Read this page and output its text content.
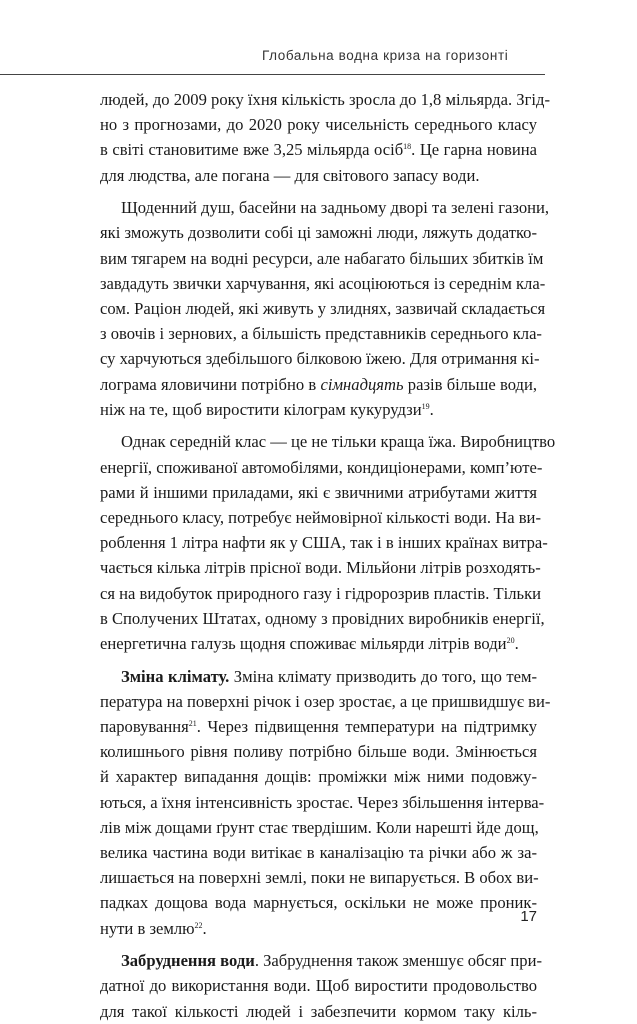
Глобальна водна криза на горизонті
людей, до 2009 року їхня кількість зросла до 1,8 мільярда. Згід-
но з прогнозами, до 2020 року чисельність середнього класу
в світі становитиме вже 3,25 мільярда осіб$^{18}$. Це гарна новина
для людства, але погана — для світового запасу води.
Щоденний душ, басейни на задньому дворі та зелені газони,
які зможуть дозволити собі ці заможні люди, ляжуть додатко-
вим тягарем на водні ресурси, але набагато більших збитків їм
завдадуть звички харчування, які асоціюються із середнім кла-
сом. Раціон людей, які живуть у злиднях, зазвичай складається
з овочів і зернових, а більшість представників середнього кла-
су харчуються здебільшого білковою їжею. Для отримання кі-
лограма яловичини потрібно в сімнадцять разів більше води,
ніж на те, щоб виростити кілограм кукурудзи$^{19}$.
Однак середній клас — це не тільки краща їжа. Виробництво
енергії, споживаної автомобілями, кондиціонерами, комп’юте-
рами й іншими приладами, які є звичними атрибутами життя
середнього класу, потребує неймовірної кількості води. На ви-
роблення 1 літра нафти як у США, так і в інших країнах витра-
чається кілька літрів прісної води. Мільйони літрів розходять-
ся на видобуток природного газу і гідророзрив пластів. Тільки
в Сполучених Штатах, одному з провідних виробників енергії,
енергетична галузь щодня споживає мільярди літрів води$^{20}$.
Зміна клімату. Зміна клімату призводить до того, що тем-
пература на поверхні річок і озер зростає, а це пришвидшує ви-
паровування$^{21}$. Через підвищення температури на підтримку
колишнього рівня поливу потрібно більше води. Змінюється
й характер випадання дощів: проміжки між ними подовжу-
ються, а їхня інтенсивність зростає. Через збільшення інтерва-
лів між дощами ґрунт стає твердішим. Коли нарешті йде дощ,
велика частина води витікає в каналізацію та річки або ж за-
лишається на поверхні землі, поки не випарується. В обох ви-
падках дощова вода марнується, оскільки не може проник-
нути в землю$^{22}$.
Забруднення води. Забруднення також зменшує обсяг при-
датної до використання води. Щоб виростити продовольство
для такої кількості людей і забезпечити кормом таку кіль-
17
